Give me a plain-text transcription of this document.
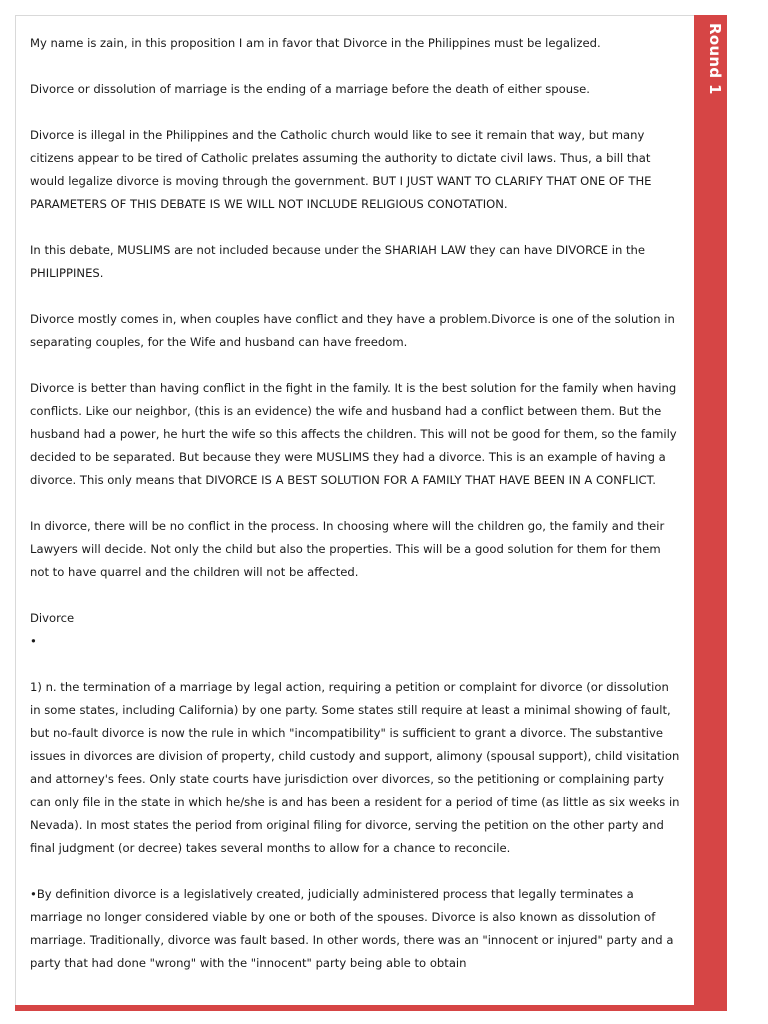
Round 1

My name is zain, in this proposition I am in favor that Divorce in the Philippines must be legalized.

Divorce or dissolution of marriage is the ending of a marriage before the death of either spouse.

Divorce is illegal in the Philippines and the Catholic church would like to see it remain that way, but many citizens appear to be tired of Catholic prelates assuming the authority to dictate civil laws. Thus, a bill that would legalize divorce is moving through the government. BUT I JUST WANT TO CLARIFY THAT ONE OF THE PARAMETERS OF THIS DEBATE IS WE WILL NOT INCLUDE RELIGIOUS CONOTATION.

In this debate, MUSLIMS are not included because under the SHARIAH LAW they can have DIVORCE in the PHILIPPINES.

Divorce mostly comes in, when couples have conflict and they have a problem.Divorce is one of the solution in separating couples, for the Wife and husband can have freedom.

Divorce is better than having conflict in the fight in the family. It is the best solution for the family when having conflicts. Like our neighbor, (this is an evidence) the wife and husband had a conflict between them. But the husband had a power, he hurt the wife so this affects the children. This will not be good for them, so the family decided to be separated. But because they were MUSLIMS they had a divorce. This is an example of having a divorce. This only means that DIVORCE IS A BEST SOLUTION FOR A FAMILY THAT HAVE BEEN IN A CONFLICT.

In divorce, there will be no conflict in the process. In choosing where will the children go, the family and their Lawyers will decide. Not only the child but also the properties. This will be a good solution for them for them not to have quarrel and the children will not be affected.

Divorce

•

1) n. the termination of a marriage by legal action, requiring a petition or complaint for divorce (or dissolution in some states, including California) by one party. Some states still require at least a minimal showing of fault, but no-fault divorce is now the rule in which "incompatibility" is sufficient to grant a divorce. The substantive issues in divorces are division of property, child custody and support, alimony (spousal support), child visitation and attorney's fees. Only state courts have jurisdiction over divorces, so the petitioning or complaining party can only file in the state in which he/she is and has been a resident for a period of time (as little as six weeks in Nevada). In most states the period from original filing for divorce, serving the petition on the other party and final judgment (or decree) takes several months to allow for a chance to reconcile.

•By definition divorce is a legislatively created, judicially administered process that legally terminates a marriage no longer considered viable by one or both of the spouses. Divorce is also known as dissolution of marriage. Traditionally, divorce was fault based. In other words, there was an "innocent or injured" party and a party that had done "wrong" with the "innocent" party being able to obtain
